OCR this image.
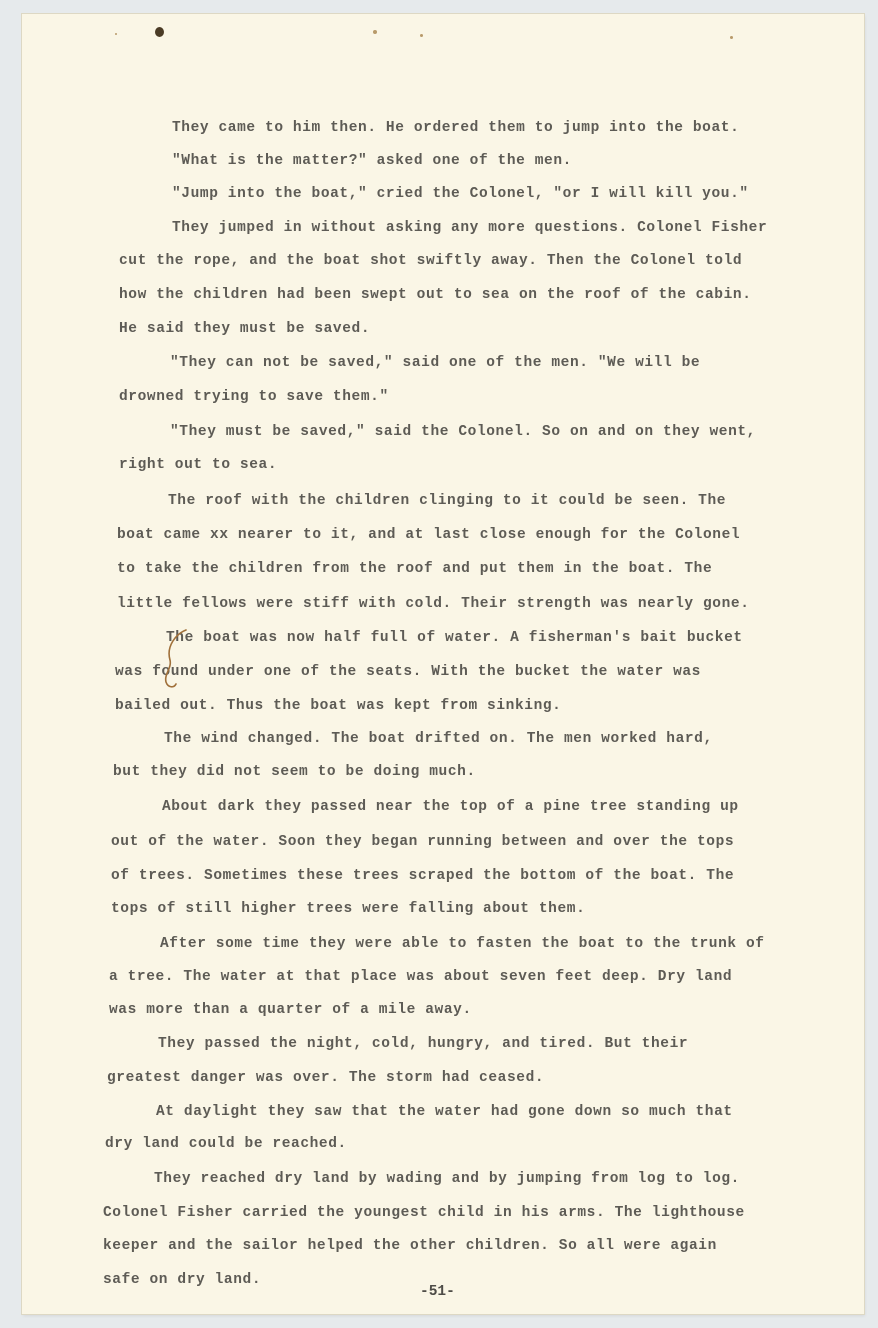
They came to him then. He ordered them to jump into the boat.

"What is the matter?" asked one of the men.

"Jump into the boat," cried the Colonel, "or I will kill you."

They jumped in without asking any more questions. Colonel Fisher

cut the rope, and the boat shot swiftly away. Then the Colonel told

how the children had been swept out to sea on the roof of the cabin.

He said they must be saved.

"They can not be saved," said one of the men. "We will be

drowned trying to save them."

"They must be saved," said the Colonel. So on and on they went,

right out to sea.

The roof with the children clinging to it could be seen. The

boat came xx nearer to it, and at last close enough for the Colonel

to take the children from the roof and put them in the boat. The

little fellows were stiff with cold. Their strength was nearly gone.

The boat was now half full of water. A fisherman's bait bucket

was found under one of the seats. With the bucket the water was

bailed out. Thus the boat was kept from sinking.

The wind changed. The boat drifted on. The men worked hard,

but they did not seem to be doing much.

About dark they passed near the top of a pine tree standing up

out of the water. Soon they began running between and over the tops

of trees. Sometimes these trees scraped the bottom of the boat. The

tops of still higher trees were falling about them.

After some time they were able to fasten the boat to the trunk of

a tree. The water at that place was about seven feet deep. Dry land

was more than a quarter of a mile away.

They passed the night, cold, hungry, and tired. But their

greatest danger was over. The storm had ceased.

At daylight they saw that the water had gone down so much that

dry land could be reached.

They reached dry land by wading and by jumping from log to log.

Colonel Fisher carried the youngest child in his arms. The lighthouse

keeper and the sailor helped the other children. So all were again

safe on dry land.

-51-
